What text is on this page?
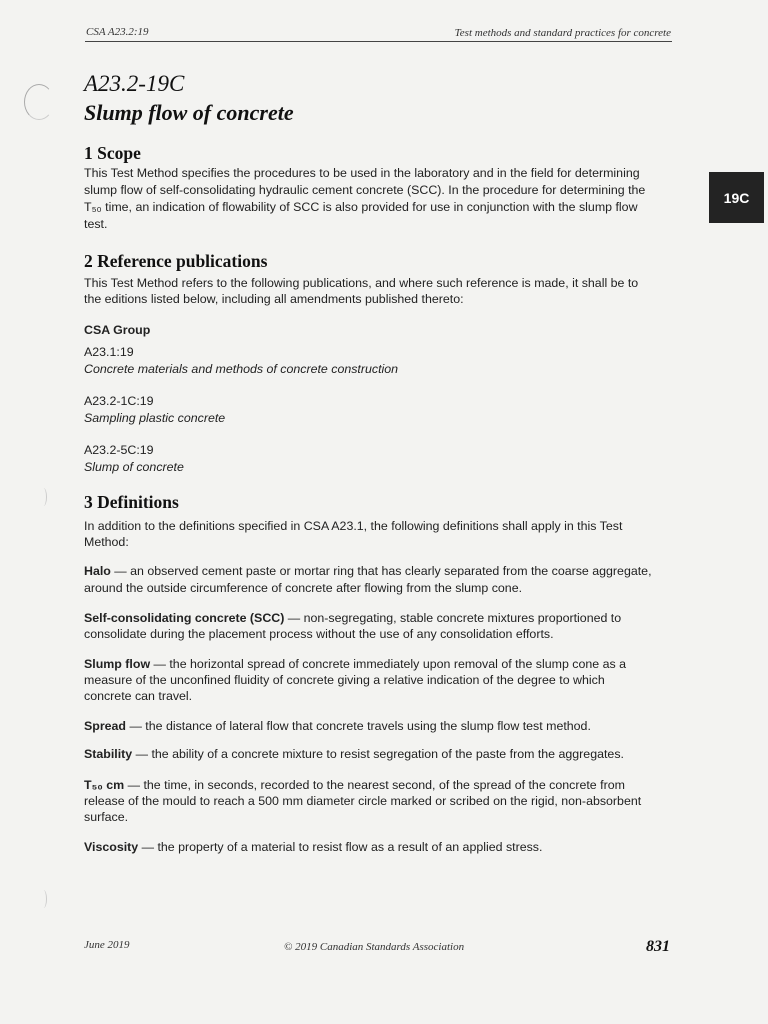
CSA A23.2:19	Test methods and standard practices for concrete
19C
A23.2-19C
Slump flow of concrete
1 Scope
This Test Method specifies the procedures to be used in the laboratory and in the field for determining
slump flow of self-consolidating hydraulic cement concrete (SCC). In the procedure for determining the
T₅₀ time, an indication of flowability of SCC is also provided for use in conjunction with the slump flow
test.
2 Reference publications
This Test Method refers to the following publications, and where such reference is made, it shall be to
the editions listed below, including all amendments published thereto:
CSA Group
A23.1:19
Concrete materials and methods of concrete construction
A23.2-1C:19
Sampling plastic concrete
A23.2-5C:19
Slump of concrete
3 Definitions
In addition to the definitions specified in CSA A23.1, the following definitions shall apply in this Test
Method:
Halo — an observed cement paste or mortar ring that has clearly separated from the coarse aggregate,
around the outside circumference of concrete after flowing from the slump cone.
Self-consolidating concrete (SCC) — non-segregating, stable concrete mixtures proportioned to
consolidate during the placement process without the use of any consolidation efforts.
Slump flow — the horizontal spread of concrete immediately upon removal of the slump cone as a
measure of the unconfined fluidity of concrete giving a relative indication of the degree to which
concrete can travel.
Spread — the distance of lateral flow that concrete travels using the slump flow test method.
Stability — the ability of a concrete mixture to resist segregation of the paste from the aggregates.
T₅₀ cm — the time, in seconds, recorded to the nearest second, of the spread of the concrete from
release of the mould to reach a 500 mm diameter circle marked or scribed on the rigid, non-absorbent
surface.
Viscosity — the property of a material to resist flow as a result of an applied stress.
June 2019	© 2019 Canadian Standards Association	831
